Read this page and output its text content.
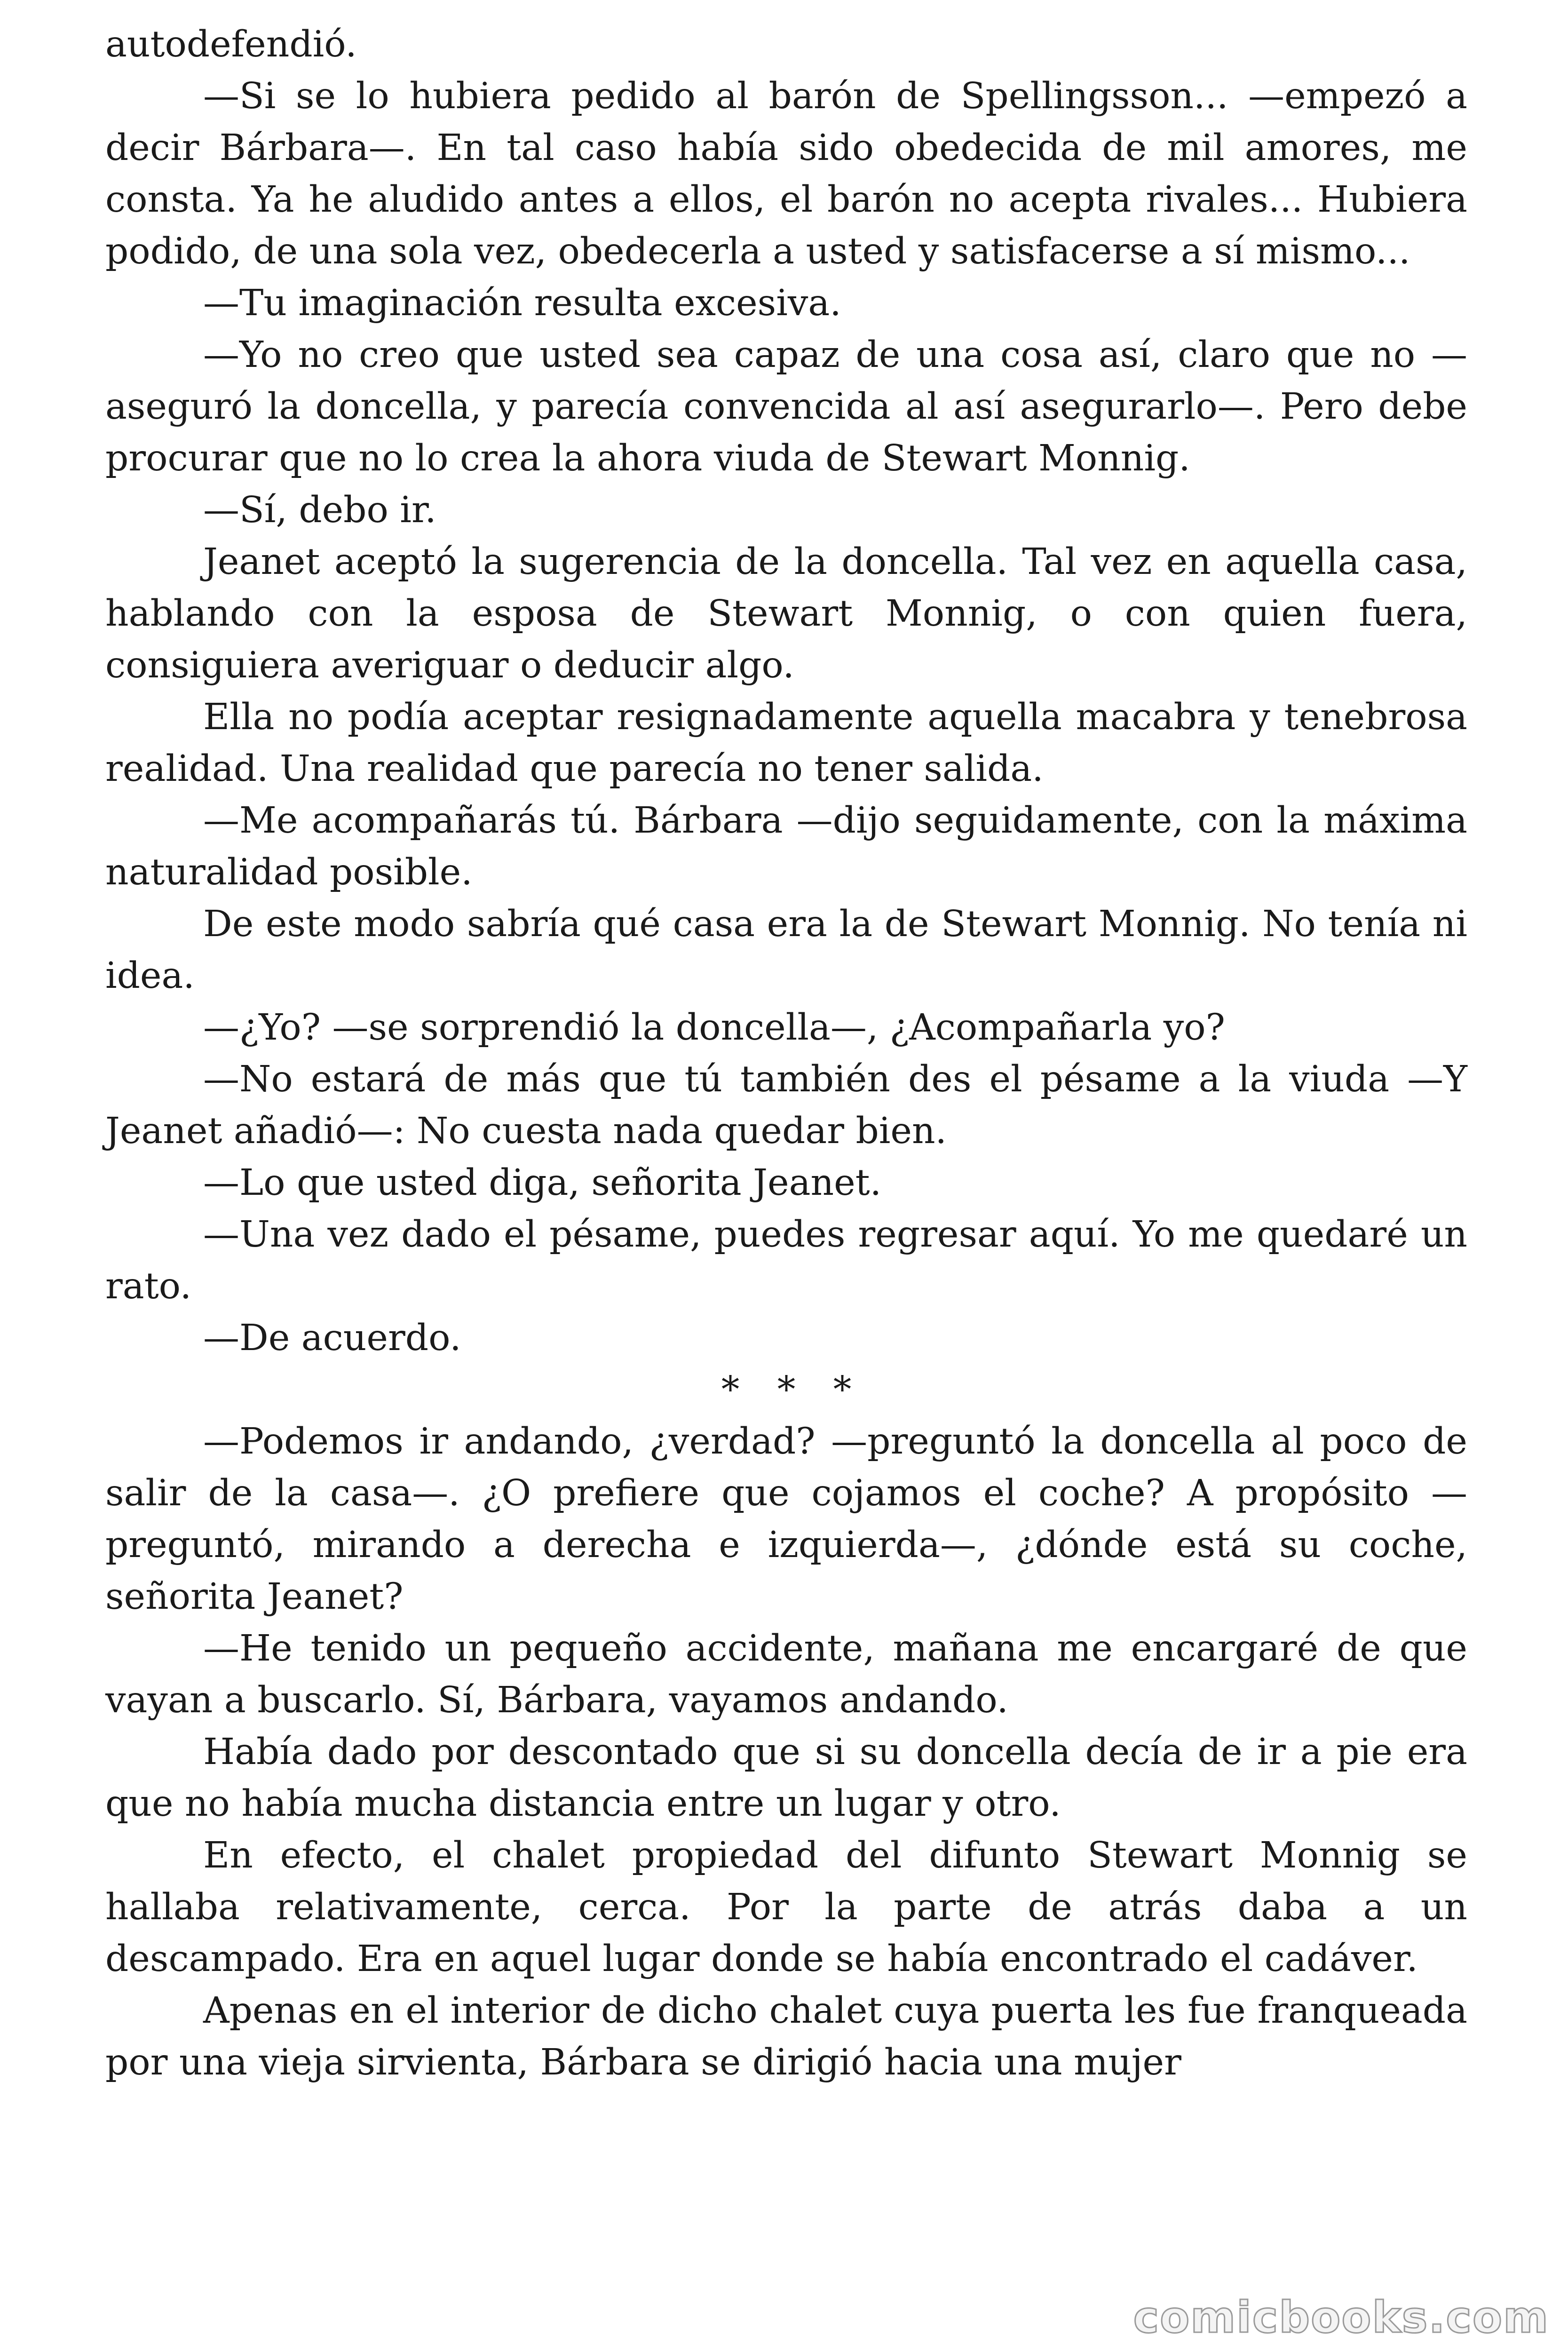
autodefendió.

—Si se lo hubiera pedido al barón de Spellingsson... —empezó a decir Bárbara—. En tal caso había sido obedecida de mil amores, me consta. Ya he aludido antes a ellos, el barón no acepta rivales... Hubiera podido, de una sola vez, obedecerla a usted y satisfacerse a sí mismo...

—Tu imaginación resulta excesiva.

—Yo no creo que usted sea capaz de una cosa así, claro que no —aseguró la doncella, y parecía convencida al así asegurarlo—. Pero debe procurar que no lo crea la ahora viuda de Stewart Monnig.

—Sí, debo ir.

Jeanet aceptó la sugerencia de la doncella. Tal vez en aquella casa, hablando con la esposa de Stewart Monnig, o con quien fuera, consiguiera averiguar o deducir algo.

Ella no podía aceptar resignadamente aquella macabra y tenebrosa realidad. Una realidad que parecía no tener salida.

—Me acompañarás tú. Bárbara —dijo seguidamente, con la máxima naturalidad posible.

De este modo sabría qué casa era la de Stewart Monnig. No tenía ni idea.

—¿Yo? —se sorprendió la doncella—, ¿Acompañarla yo?

—No estará de más que tú también des el pésame a la viuda —Y Jeanet añadió—: No cuesta nada quedar bien.

—Lo que usted diga, señorita Jeanet.

—Una vez dado el pésame, puedes regresar aquí. Yo me quedaré un rato.

—De acuerdo.

* * *

—Podemos ir andando, ¿verdad? —preguntó la doncella al poco de salir de la casa—. ¿O prefiere que cojamos el coche? A propósito —preguntó, mirando a derecha e izquierda—, ¿dónde está su coche, señorita Jeanet?

—He tenido un pequeño accidente, mañana me encargaré de que vayan a buscarlo. Sí, Bárbara, vayamos andando.

Había dado por descontado que si su doncella decía de ir a pie era que no había mucha distancia entre un lugar y otro.

En efecto, el chalet propiedad del difunto Stewart Monnig se hallaba relativamente, cerca. Por la parte de atrás daba a un descampado. Era en aquel lugar donde se había encontrado el cadáver.

Apenas en el interior de dicho chalet cuya puerta les fue franqueada por una vieja sirvienta, Bárbara se dirigió hacia una mujer

comicbooks.com
